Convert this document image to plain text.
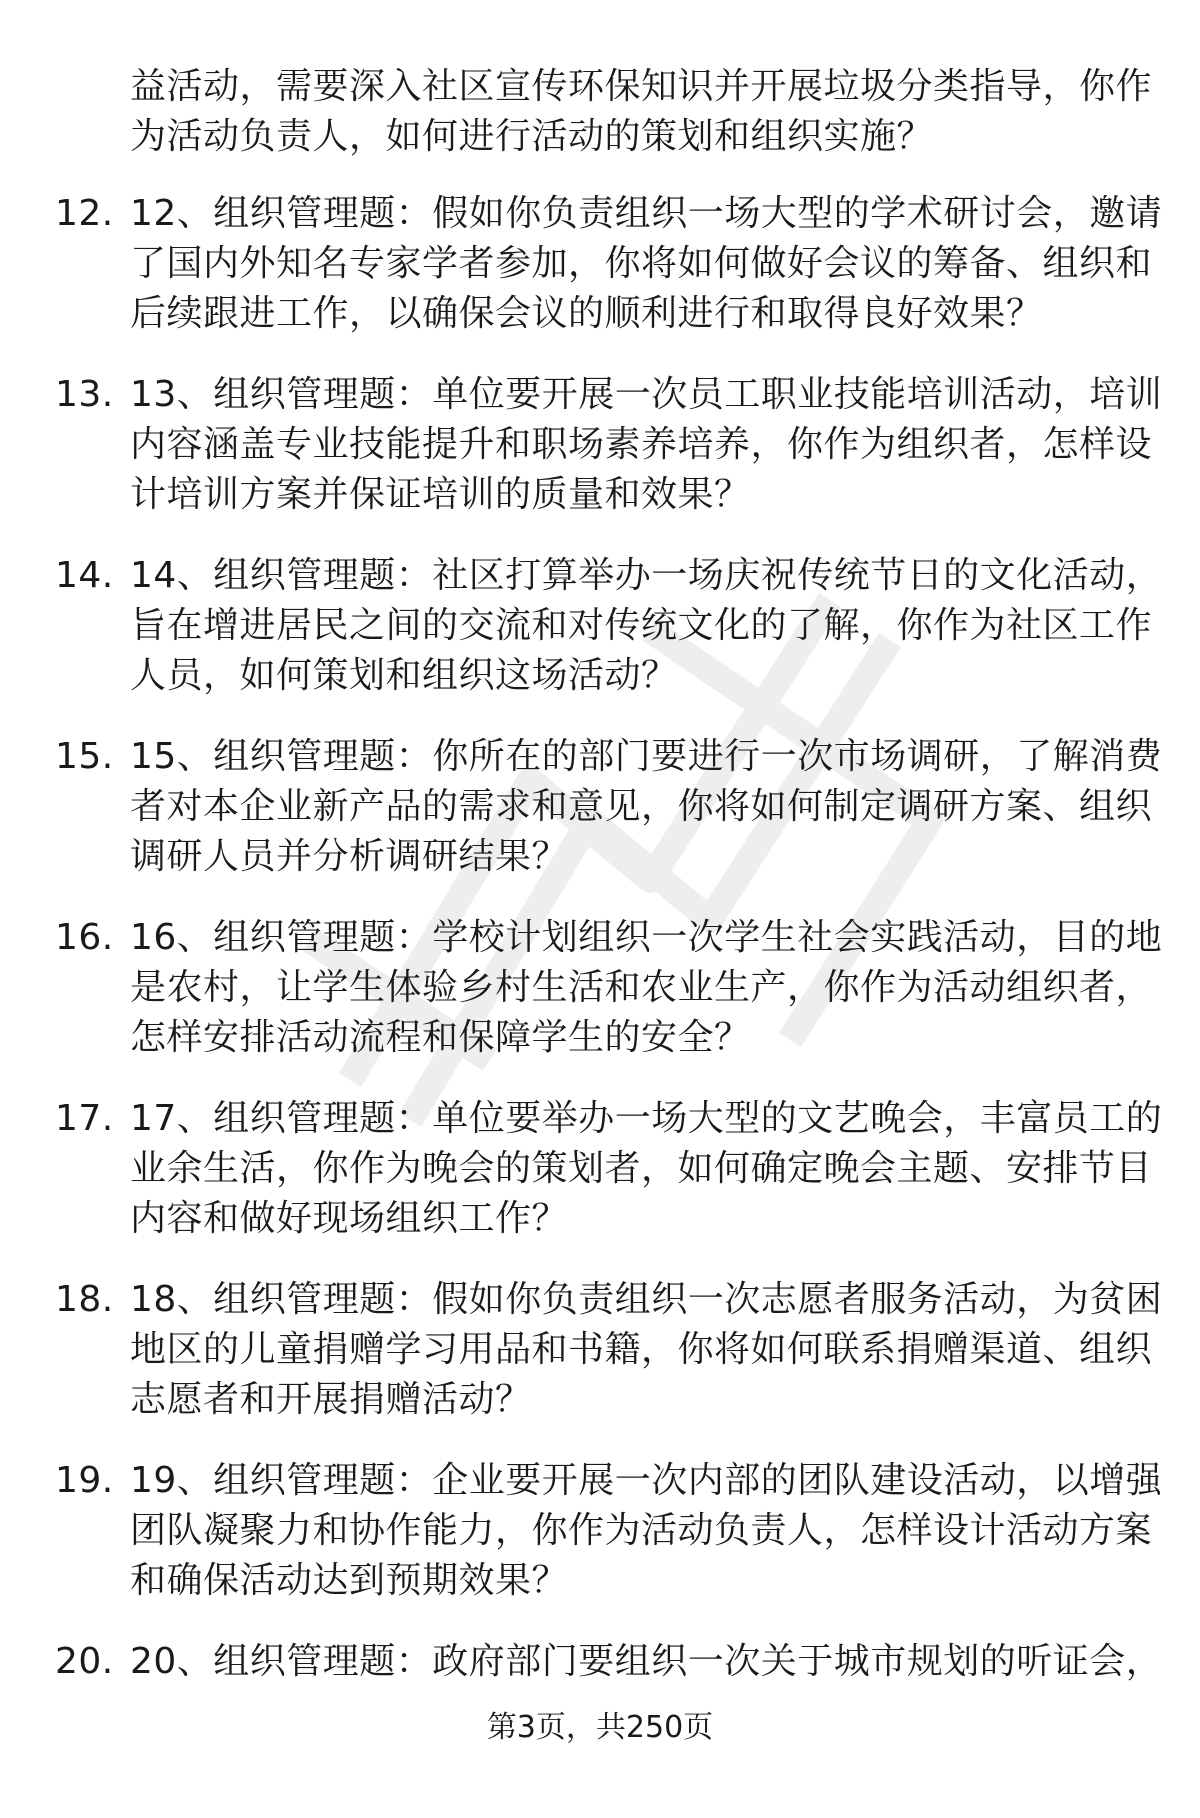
益活动，需要深入社区宣传环保知识并开展垃圾分类指导，你作
为活动负责人，如何进行活动的策划和组织实施？
12. 12、组织管理题：假如你负责组织一场大型的学术研讨会，邀请
了国内外知名专家学者参加，你将如何做好会议的筹备、组织和
后续跟进工作，以确保会议的顺利进行和取得良好效果？
13. 13、组织管理题：单位要开展一次员工职业技能培训活动，培训
内容涵盖专业技能提升和职场素养培养，你作为组织者，怎样设
计培训方案并保证培训的质量和效果？
14. 14、组织管理题：社区打算举办一场庆祝传统节日的文化活动，
旨在增进居民之间的交流和对传统文化的了解，你作为社区工作
人员，如何策划和组织这场活动？
15. 15、组织管理题：你所在的部门要进行一次市场调研，了解消费
者对本企业新产品的需求和意见，你将如何制定调研方案、组织
调研人员并分析调研结果？
16. 16、组织管理题：学校计划组织一次学生社会实践活动，目的地
是农村，让学生体验乡村生活和农业生产，你作为活动组织者，
怎样安排活动流程和保障学生的安全？
17. 17、组织管理题：单位要举办一场大型的文艺晚会，丰富员工的
业余生活，你作为晚会的策划者，如何确定晚会主题、安排节目
内容和做好现场组织工作？
18. 18、组织管理题：假如你负责组织一次志愿者服务活动，为贫困
地区的儿童捐赠学习用品和书籍，你将如何联系捐赠渠道、组织
志愿者和开展捐赠活动？
19. 19、组织管理题：企业要开展一次内部的团队建设活动，以增强
团队凝聚力和协作能力，你作为活动负责人，怎样设计活动方案
和确保活动达到预期效果？
20. 20、组织管理题：政府部门要组织一次关于城市规划的听证会，
第3页，共250页
